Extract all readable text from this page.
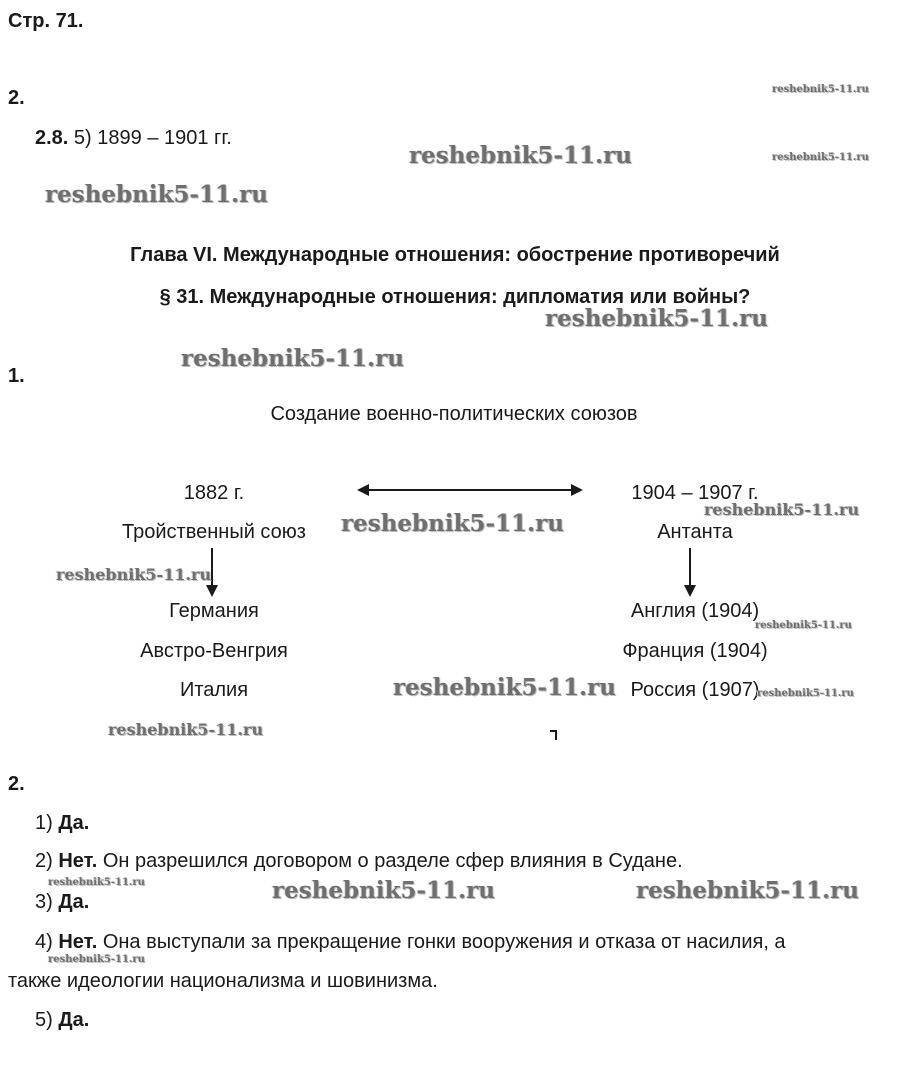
Стр. 71.
2.
2.8. 5) 1899 – 1901 гг.
Глава VI. Международные отношения: обострение противоречий
§ 31. Международные отношения: дипломатия или войны?
1.
Создание военно-политических союзов
1882 г.
Тройственный союз
Германия
Австро-Венгрия
Италия
1904 – 1907 г.
Антанта
Англия (1904)
Франция (1904)
Россия (1907)
2.
1) Да.
2) Нет. Он разрешился договором о разделе сфер влияния в Судане.
3) Да.
4) Нет. Она выступали за прекращение гонки вооружения и отказа от насилия, а
также идеологии национализма и шовинизма.
5) Да.
reshebnik5-11.ru
reshebnik5-11.ru	reshebnik5-11.ru
reshebnik5-11.ru
reshebnik5-11.ru
reshebnik5-11.ru
reshebnik5-11.ru
reshebnik5-11.ru
reshebnik5-11.ru
reshebnik5-11.ru
reshebnik5-11.ru	reshebnik5-11.ru
reshebnik5-11.ru
reshebnik5-11.ru	reshebnik5-11.ru	reshebnik5-11.ru
reshebnik5-11.ru
